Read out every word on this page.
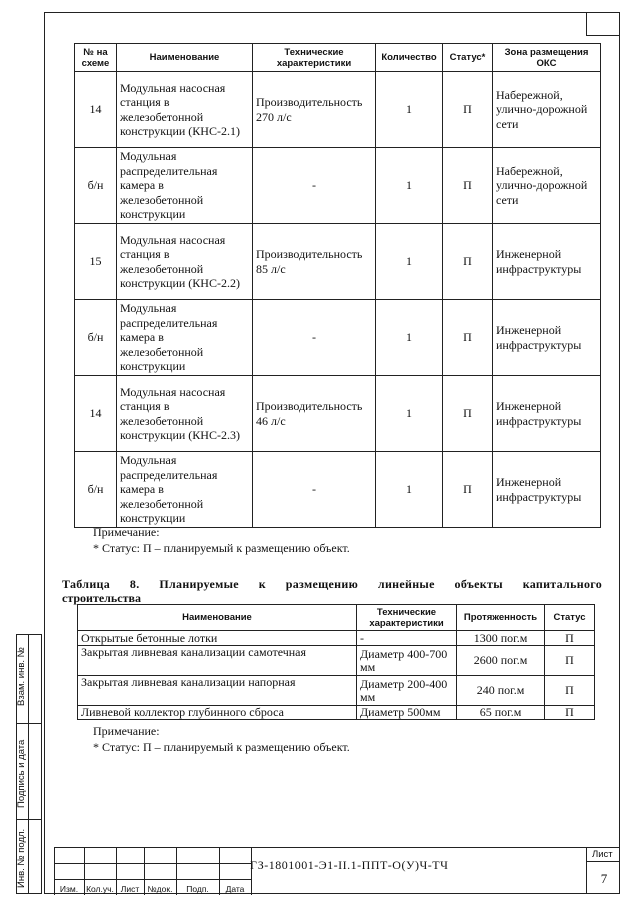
№ на схеме	Наименование	Технические характеристики	Количество	Статус*	Зона размещения ОКС
14	Модульная насосная станция в железобетонной конструкции (КНС-2.1)	Производительность 270 л/с	1	П	Набережной, улично-дорожной сети
б/н	Модульная распределительная камера в железобетонной конструкции	-	1	П	Набережной, улично-дорожной сети
15	Модульная насосная станция в железобетонной конструкции (КНС-2.2)	Производительность 85 л/с	1	П	Инженерной инфраструктуры
б/н	Модульная распределительная камера в железобетонной конструкции	-	1	П	Инженерной инфраструктуры
14	Модульная насосная станция в железобетонной конструкции (КНС-2.3)	Производительность 46 л/с	1	П	Инженерной инфраструктуры
б/н	Модульная распределительная камера в железобетонной конструкции	-	1	П	Инженерной инфраструктуры
Примечание:
* Статус: П – планируемый к размещению объект.
Таблица 8. Планируемые к размещению линейные объекты капитального
строительства
Наименование	Технические характеристики	Протяженность	Статус
Открытые бетонные лотки	-	1300 пог.м	П
Закрытая ливневая канализации самотечная	Диаметр 400-700 мм	2600 пог.м	П
Закрытая ливневая канализации напорная	Диаметр 200-400 мм	240 пог.м	П
Ливневой коллектор глубинного сброса	Диаметр 500мм	65 пог.м	П
Примечание:
* Статус: П – планируемый к размещению объект.
Взам. инв. №
Подпись и дата
Инв. № подл.
Изм. Кол.уч. Лист №док.	Подп.	Дата
ГЗ-1801001-Э1-II.1-ППТ-О(У)Ч-ТЧ
Лист
7
